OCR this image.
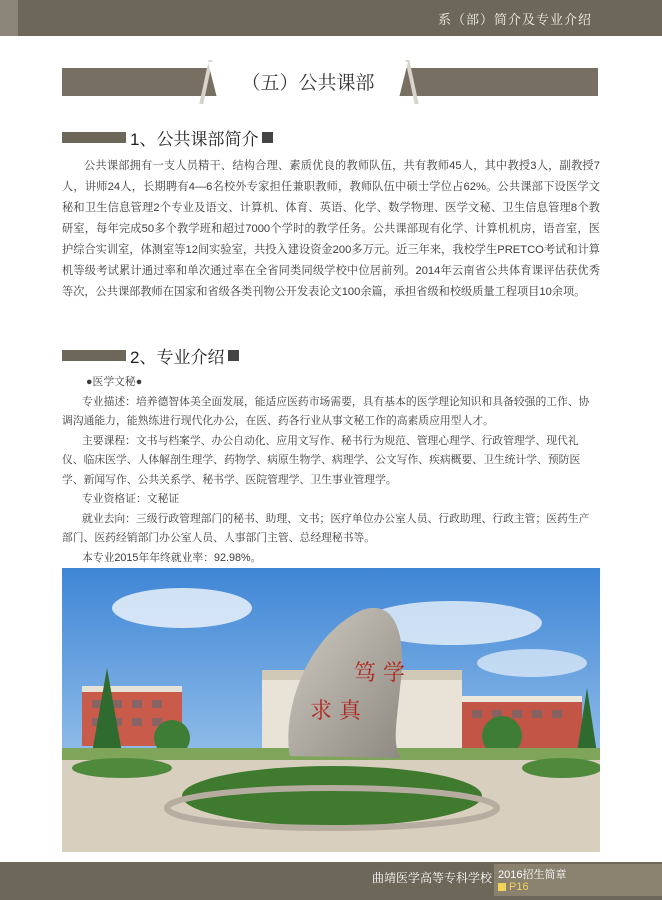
系（部）简介及专业介绍
（五）公共课部
1、公共课部简介

公共课部拥有一支人员精干、结构合理、素质优良的教师队伍，共有教师45人，其中教授3人，副教授7人，讲师24人，长期聘有4—6名校外专家担任兼职教师，教师队伍中硕士学位占62%。公共课部下设医学文秘和卫生信息管理2个专业及语文、计算机、体育、英语、化学、数学物理、医学文秘、卫生信息管理8个教研室，每年完成50多个教学班和超过7000个学时的教学任务。公共课部现有化学、计算机机房，语音室，医护综合实训室，体测室等12间实验室，共投入建设资金200多万元。近三年来，我校学生PRETCO考试和计算机等级考试累计通过率和单次通过率在全省同类同级学校中位居前列。2014年云南省公共体育课评估获优秀等次，公共课部教师在国家和省级各类刊物公开发表论文100余篇，承担省级和校级质量工程项目10余项。

2、专业介绍

●医学文秘●

专业描述：培养德智体美全面发展，能适应医药市场需要，具有基本的医学理论知识和具备较强的工作、协调沟通能力，能熟练进行现代化办公，在医、药各行业从事文秘工作的高素质应用型人才。

主要课程：文书与档案学、办公自动化、应用文写作、秘书行为规范、管理心理学、行政管理学、现代礼仪、临床医学、人体解剖生理学、药物学、病原生物学、病理学、公文写作、疾病概要、卫生统计学、预防医学、新闻写作、公共关系学、秘书学、医院管理学、卫生事业管理学。

专业资格证：文秘证

就业去向：三级行政管理部门的秘书、助理、文书；医疗单位办公室人员、行政助理、行政主管；医药生产部门、医药经销部门办公室人员、人事部门主管、总经理秘书等。

本专业2015年年终就业率：92.98%。

笃 学
求 真
曲靖医学高等专科学校 2016招生简章
P16
